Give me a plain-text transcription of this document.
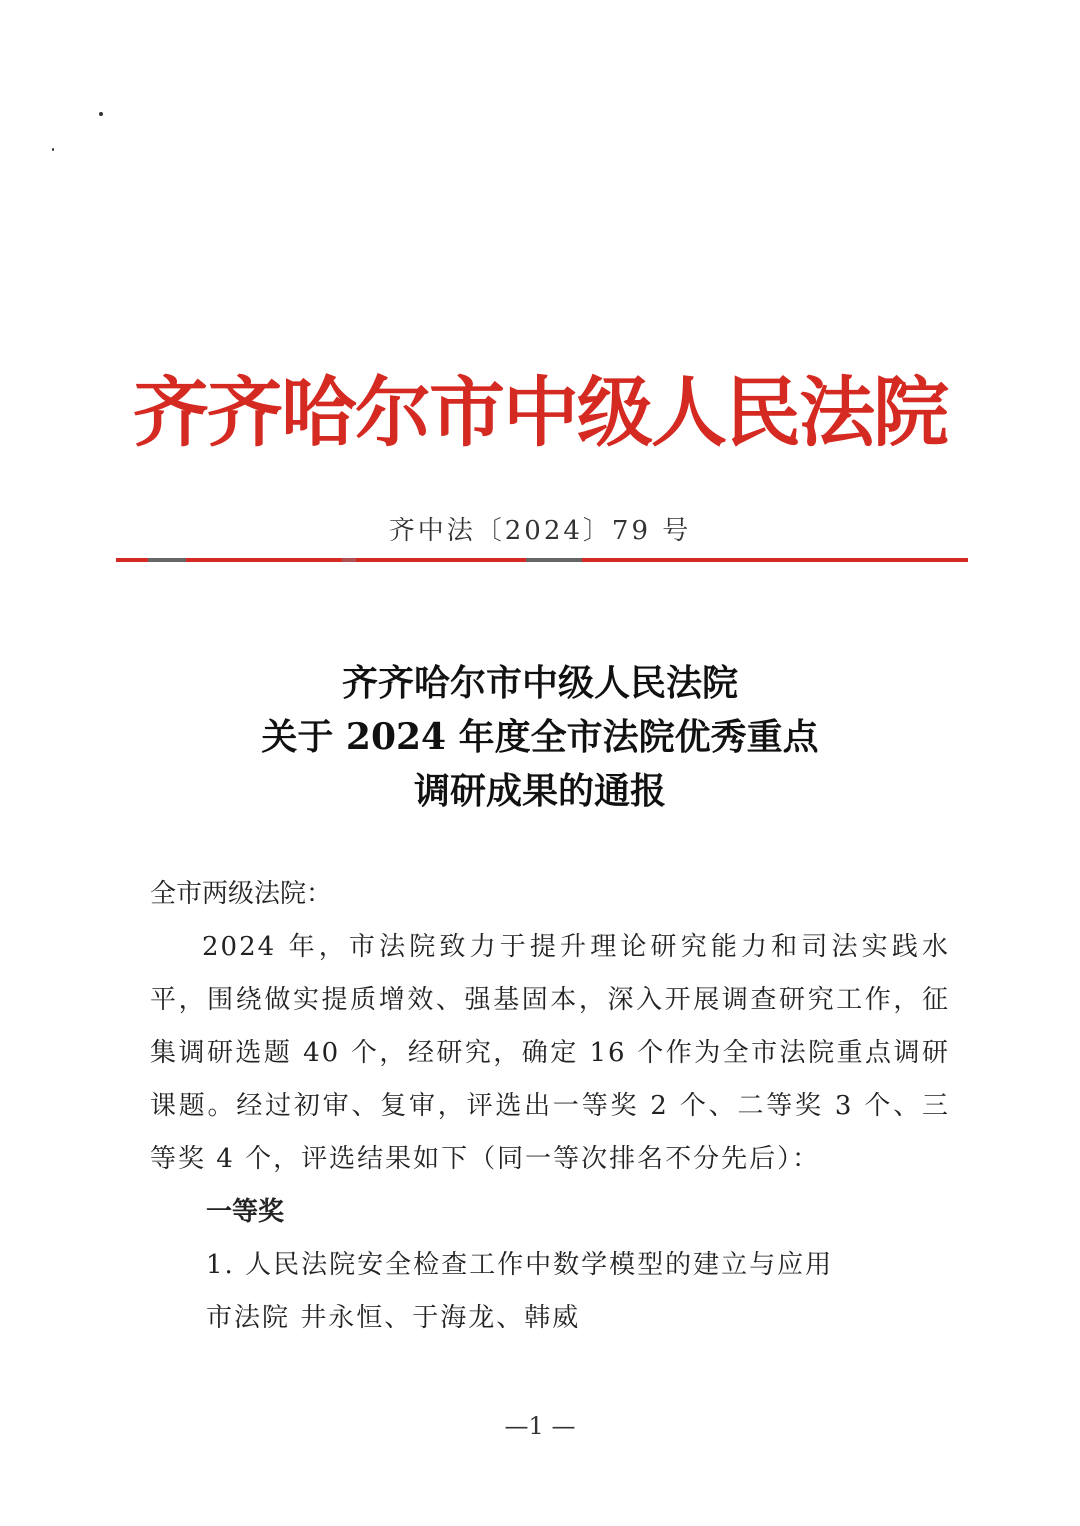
齐齐哈尔市中级人民法院
齐中法〔2024〕79 号
齐齐哈尔市中级人民法院
关于 2024 年度全市法院优秀重点
调研成果的通报
全市两级法院：
2024 年，市法院致力于提升理论研究能力和司法实践水平，围绕做实提质增效、强基固本，深入开展调查研究工作，征集调研选题 40 个，经研究，确定 16 个作为全市法院重点调研课题。经过初审、复审，评选出一等奖 2 个、二等奖 3 个、三等奖 4 个，评选结果如下（同一等次排名不分先后）：
一等奖
1. 人民法院安全检查工作中数学模型的建立与应用
市法院 井永恒、于海龙、韩威
—1 —
